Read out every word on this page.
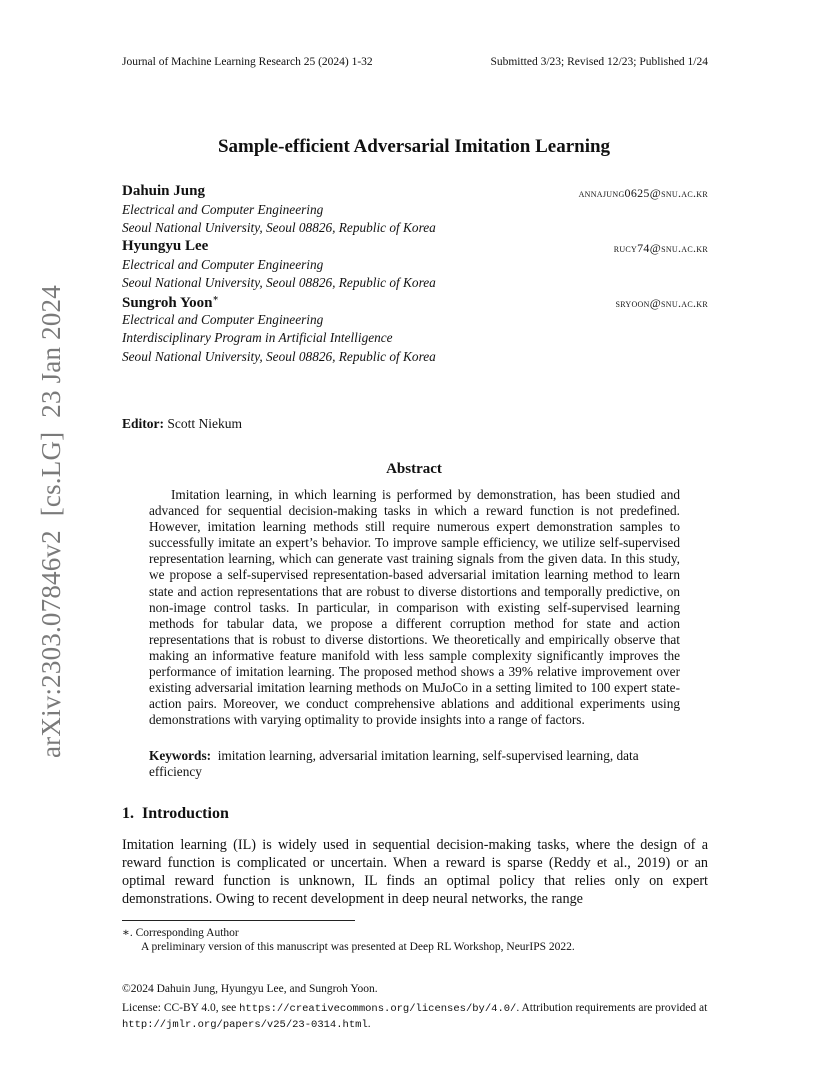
Journal of Machine Learning Research 25 (2024) 1-32	Submitted 3/23; Revised 12/23; Published 1/24
Sample-efficient Adversarial Imitation Learning
Dahuin Jung	annajung0625@snu.ac.kr
Electrical and Computer Engineering
Seoul National University, Seoul 08826, Republic of Korea
Hyungyu Lee	rucy74@snu.ac.kr
Electrical and Computer Engineering
Seoul National University, Seoul 08826, Republic of Korea
Sungroh Yoon∗	sryoon@snu.ac.kr
Electrical and Computer Engineering
Interdisciplinary Program in Artificial Intelligence
Seoul National University, Seoul 08826, Republic of Korea
Editor: Scott Niekum
Abstract

Imitation learning, in which learning is performed by demonstration, has been studied and advanced for sequential decision-making tasks in which a reward function is not predefined. However, imitation learning methods still require numerous expert demonstration samples to successfully imitate an expert’s behavior. To improve sample efficiency, we utilize self-supervised representation learning, which can generate vast training signals from the given data. In this study, we propose a self-supervised representation-based adversarial imitation learning method to learn state and action representations that are robust to diverse distortions and temporally predictive, on non-image control tasks. In particular, in comparison with existing self-supervised learning methods for tabular data, we propose a different corruption method for state and action representations that is robust to diverse distortions. We theoretically and empirically observe that making an informative feature manifold with less sample complexity significantly improves the performance of imitation learning. The proposed method shows a 39% relative improvement over existing adversarial imitation learning methods on MuJoCo in a setting limited to 100 expert state-action pairs. Moreover, we conduct comprehensive ablations and additional experiments using demonstrations with varying optimality to provide insights into a range of factors.

Keywords: imitation learning, adversarial imitation learning, self-supervised learning, data efficiency

1. Introduction

Imitation learning (IL) is widely used in sequential decision-making tasks, where the design of a reward function is complicated or uncertain. When a reward is sparse (Reddy et al., 2019) or an optimal reward function is unknown, IL finds an optimal policy that relies only on expert demonstrations. Owing to recent development in deep neural networks, the range

∗. Corresponding Author
A preliminary version of this manuscript was presented at Deep RL Workshop, NeurIPS 2022.
©2024 Dahuin Jung, Hyungyu Lee, and Sungroh Yoon.

License: CC-BY 4.0, see https://creativecommons.org/licenses/by/4.0/. Attribution requirements are provided at http://jmlr.org/papers/v25/23-0314.html.

arXiv:2303.07846v2  [cs.LG]  23 Jan 2024
